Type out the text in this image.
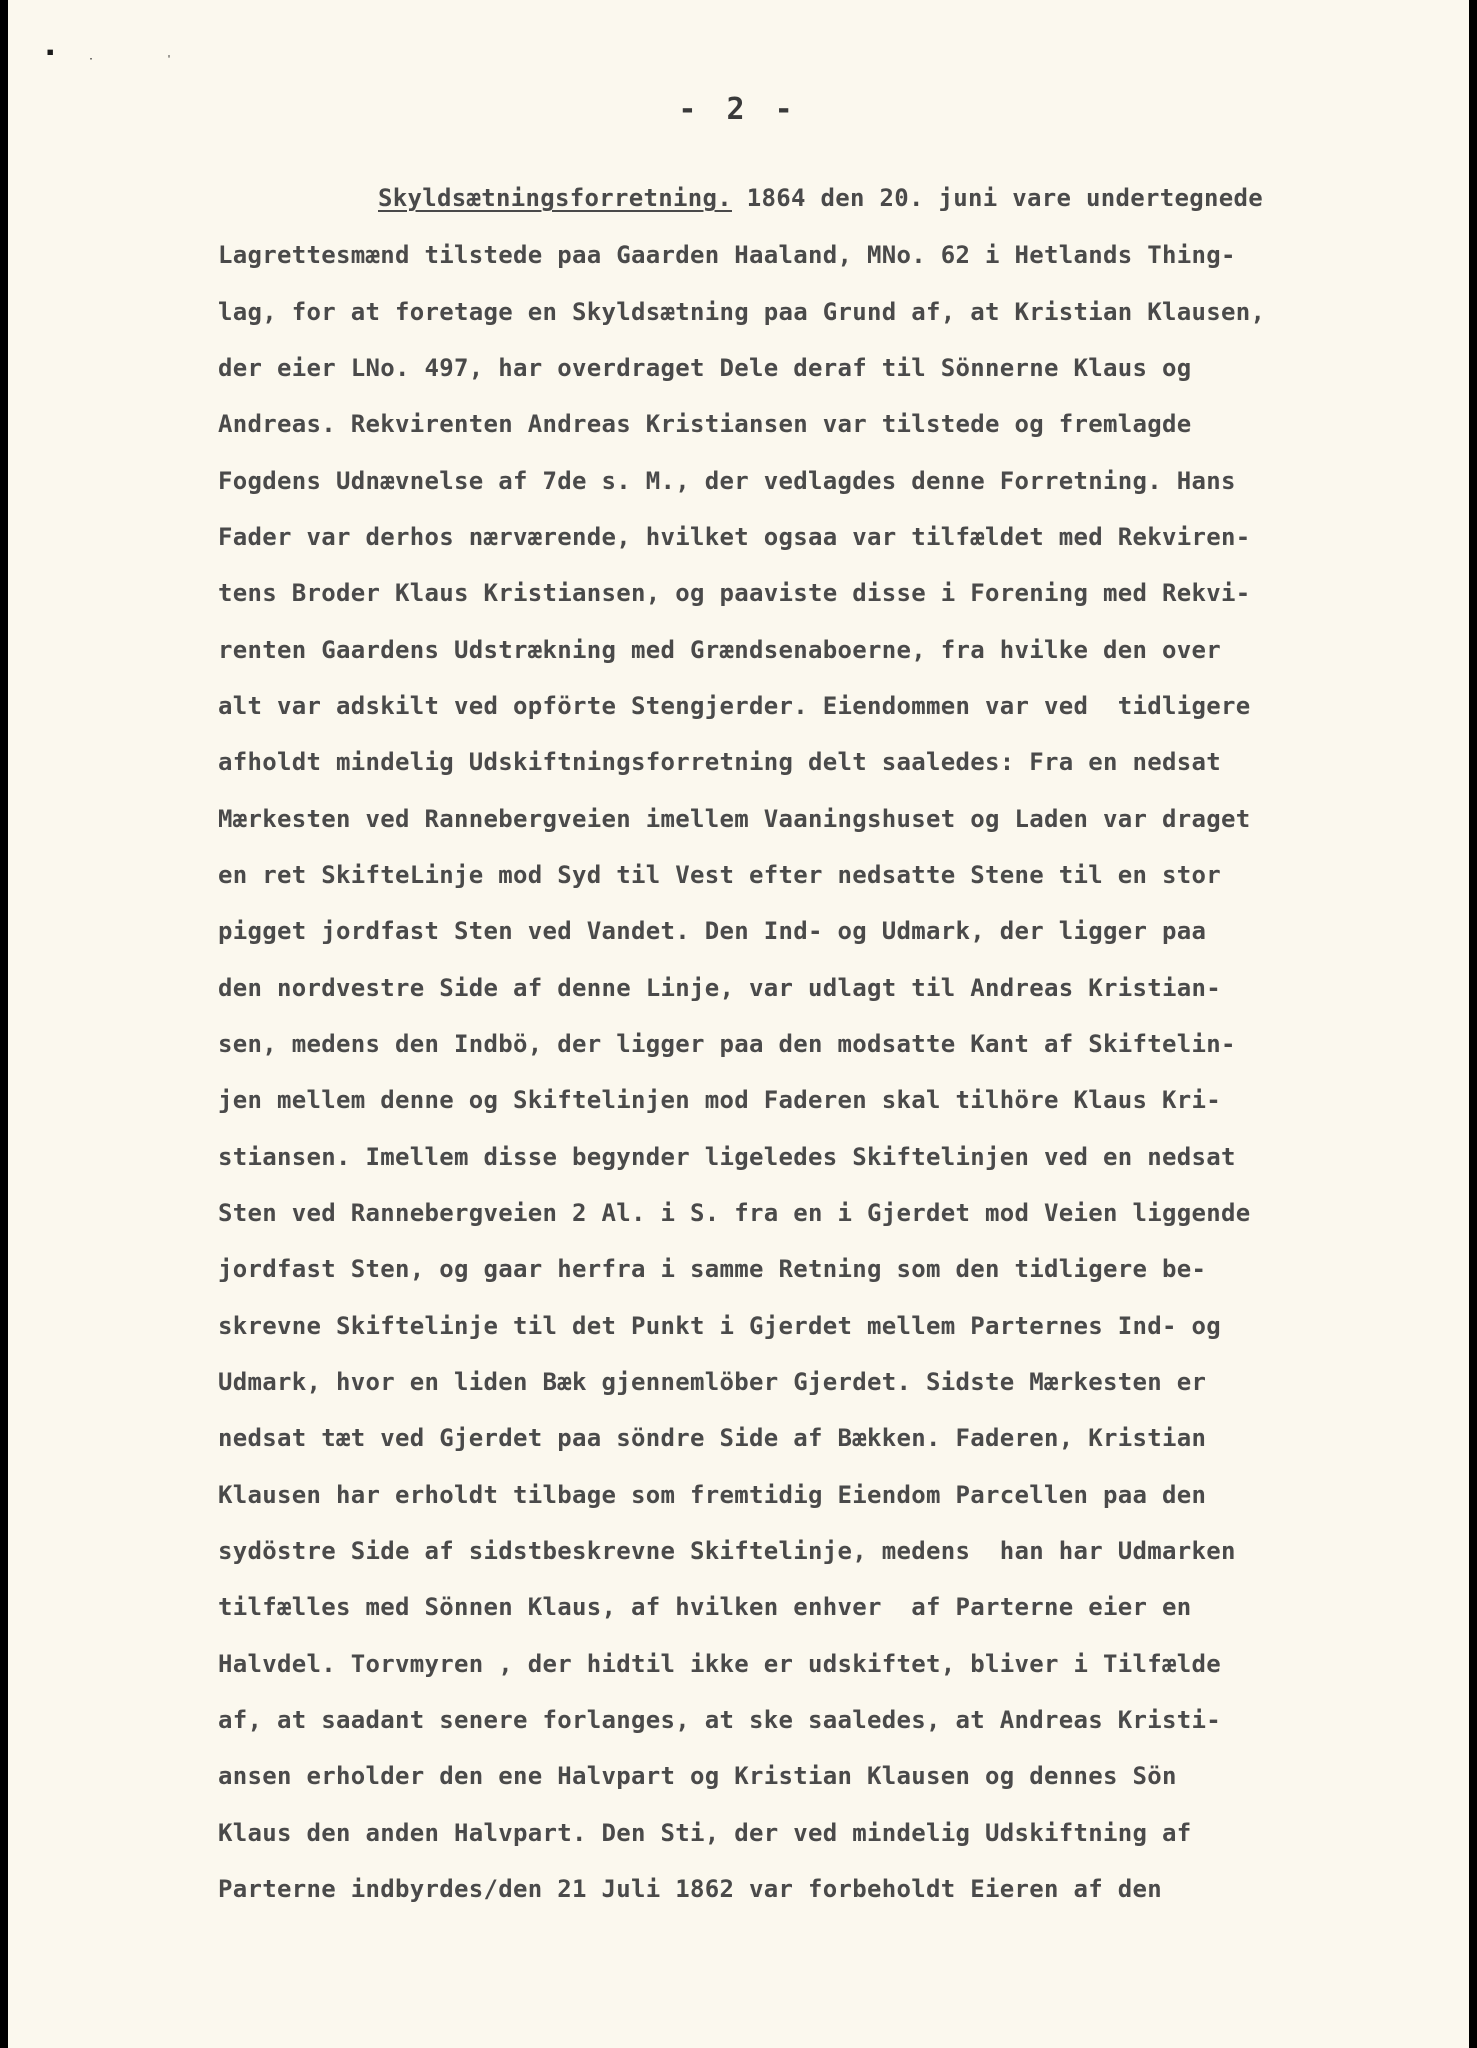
▪	·	'
- 2 -
Skyldsætningsforretning. 1864 den 20. juni vare undertegnede
Lagrettesmænd tilstede paa Gaarden Haaland, MNo. 62 i Hetlands Thing-
lag, for at foretage en Skyldsætning paa Grund af, at Kristian Klausen,
der eier LNo. 497, har overdraget Dele deraf til Sönnerne Klaus og
Andreas. Rekvirenten Andreas Kristiansen var tilstede og fremlagde
Fogdens Udnævnelse af 7de s. M., der vedlagdes denne Forretning. Hans
Fader var derhos nærværende, hvilket ogsaa var tilfældet med Rekviren-
tens Broder Klaus Kristiansen, og paaviste disse i Forening med Rekvi-
renten Gaardens Udstrækning med Grændsenaboerne, fra hvilke den over
alt var adskilt ved opförte Stengjerder. Eiendommen var ved  tidligere
afholdt mindelig Udskiftningsforretning delt saaledes: Fra en nedsat
Mærkesten ved Rannebergveien imellem Vaaningshuset og Laden var draget
en ret SkifteLinje mod Syd til Vest efter nedsatte Stene til en stor
pigget jordfast Sten ved Vandet. Den Ind- og Udmark, der ligger paa
den nordvestre Side af denne Linje, var udlagt til Andreas Kristian-
sen, medens den Indbö, der ligger paa den modsatte Kant af Skiftelin-
jen mellem denne og Skiftelinjen mod Faderen skal tilhöre Klaus Kri-
stiansen. Imellem disse begynder ligeledes Skiftelinjen ved en nedsat
Sten ved Rannebergveien 2 Al. i S. fra en i Gjerdet mod Veien liggende
jordfast Sten, og gaar herfra i samme Retning som den tidligere be-
skrevne Skiftelinje til det Punkt i Gjerdet mellem Parternes Ind- og
Udmark, hvor en liden Bæk gjennemlöber Gjerdet. Sidste Mærkesten er
nedsat tæt ved Gjerdet paa söndre Side af Bækken. Faderen, Kristian
Klausen har erholdt tilbage som fremtidig Eiendom Parcellen paa den
sydöstre Side af sidstbeskrevne Skiftelinje, medens  han har Udmarken
tilfælles med Sönnen Klaus, af hvilken enhver  af Parterne eier en
Halvdel. Torvmyren , der hidtil ikke er udskiftet, bliver i Tilfælde
af, at saadant senere forlanges, at ske saaledes, at Andreas Kristi-
ansen erholder den ene Halvpart og Kristian Klausen og dennes Sön
Klaus den anden Halvpart. Den Sti, der ved mindelig Udskiftning af
Parterne indbyrdes/den 21 Juli 1862 var forbeholdt Eieren af den
